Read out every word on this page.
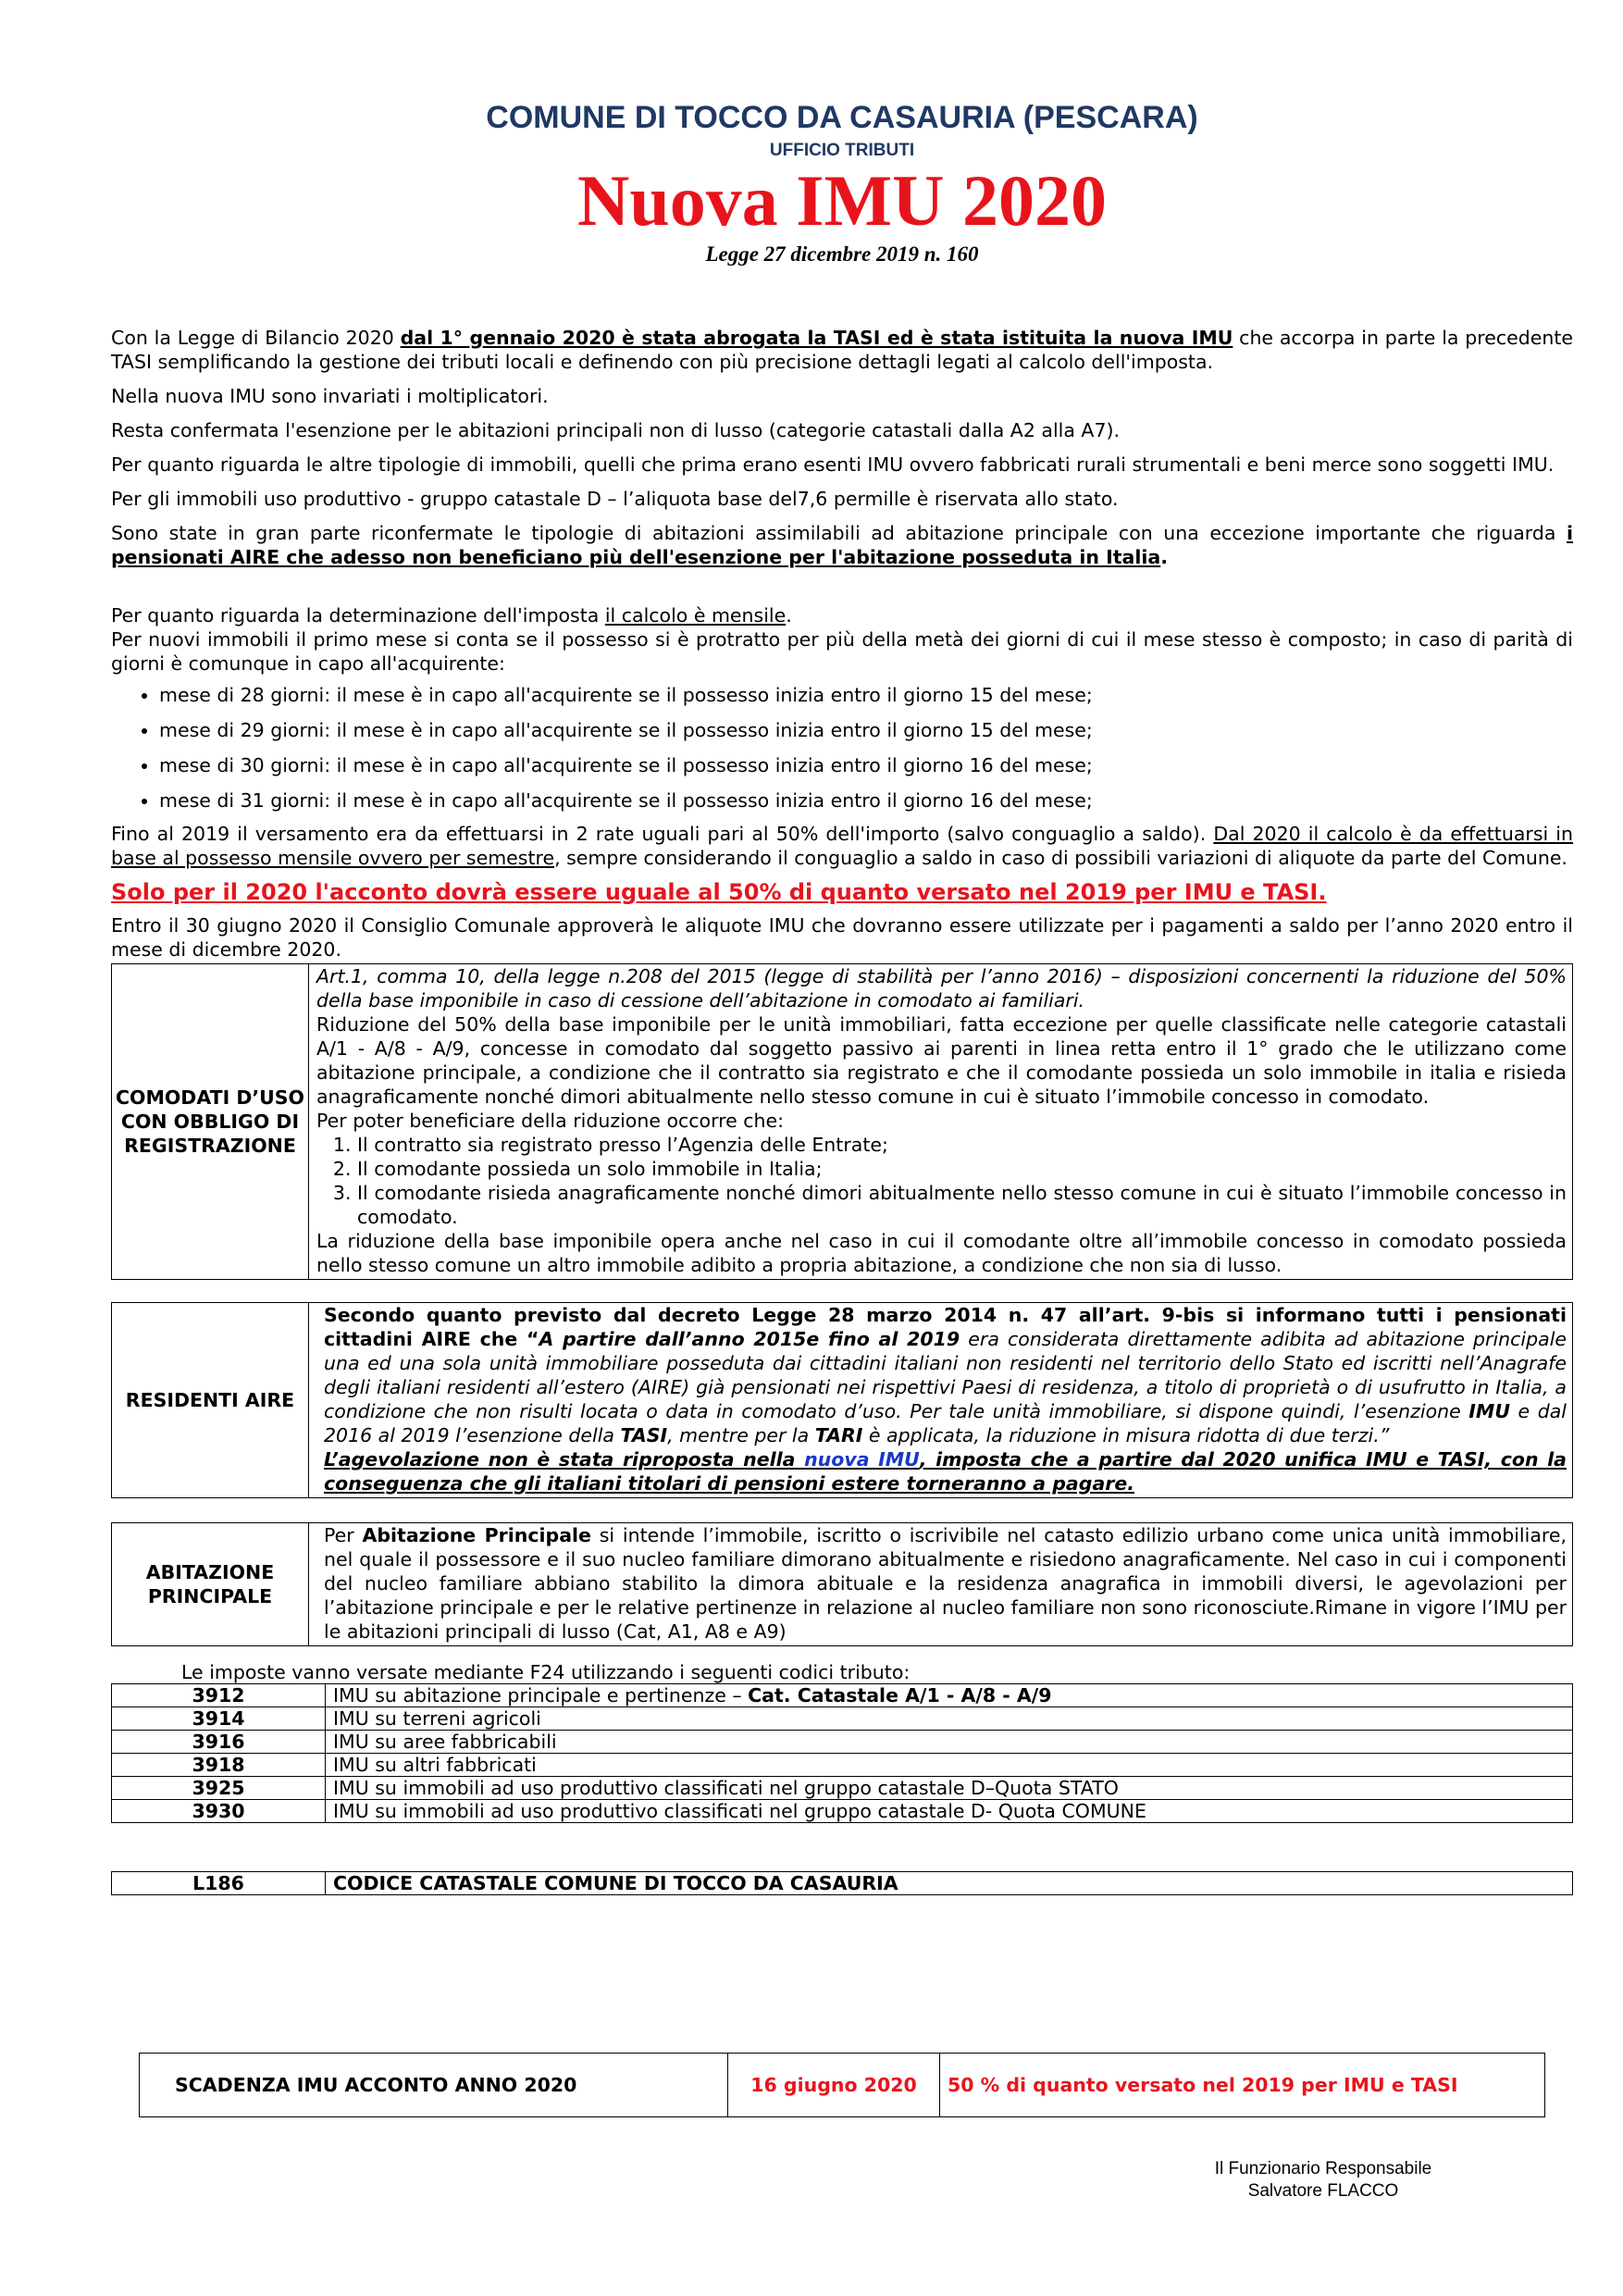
COMUNE DI TOCCO DA CASAURIA (PESCARA)
UFFICIO TRIBUTI
Nuova IMU 2020
Legge 27 dicembre 2019 n. 160

Con la Legge di Bilancio 2020 dal 1° gennaio 2020 è stata abrogata la TASI ed è stata istituita la nuova IMU che accorpa in parte la precedente TASI semplificando la gestione dei tributi locali e definendo con più precisione dettagli legati al calcolo dell'imposta.

Nella nuova IMU sono invariati i moltiplicatori.

Resta confermata l'esenzione per le abitazioni principali non di lusso (categorie catastali dalla A2 alla A7).

Per quanto riguarda le altre tipologie di immobili, quelli che prima erano esenti IMU ovvero fabbricati rurali strumentali e beni merce sono soggetti IMU.

Per gli immobili uso produttivo - gruppo catastale D – l’aliquota base del7,6 permille è riservata allo stato.

Sono state in gran parte riconfermate le tipologie di abitazioni assimilabili ad abitazione principale con una eccezione importante che riguarda i pensionati AIRE che adesso non beneficiano più dell'esenzione per l'abitazione posseduta in Italia.

Per quanto riguarda la determinazione dell'imposta il calcolo è mensile.

Per nuovi immobili il primo mese si conta se il possesso si è protratto per più della metà dei giorni di cui il mese stesso è composto; in caso di parità di giorni è comunque in capo all'acquirente:

• mese di 28 giorni: il mese è in capo all'acquirente se il possesso inizia entro il giorno 15 del mese;
• mese di 29 giorni: il mese è in capo all'acquirente se il possesso inizia entro il giorno 15 del mese;
• mese di 30 giorni: il mese è in capo all'acquirente se il possesso inizia entro il giorno 16 del mese;
• mese di 31 giorni: il mese è in capo all'acquirente se il possesso inizia entro il giorno 16 del mese;

Fino al 2019 il versamento era da effettuarsi in 2 rate uguali pari al 50% dell'importo (salvo conguaglio a saldo). Dal 2020 il calcolo è da effettuarsi in base al possesso mensile ovvero per semestre, sempre considerando il conguaglio a saldo in caso di possibili variazioni di aliquote da parte del Comune.

Solo per il 2020 l'acconto dovrà essere uguale al 50% di quanto versato nel 2019 per IMU e TASI.

Entro il 30 giugno 2020 il Consiglio Comunale approverà le aliquote IMU che dovranno essere utilizzate per i pagamenti a saldo per l’anno 2020 entro il mese di dicembre 2020.

COMODATI D’USO CON OBBLIGO DI REGISTRAZIONE	
Art.1, comma 10, della legge n.208 del 2015 (legge di stabilità per l’anno 2016) – disposizioni concernenti la riduzione del 50% della base imponibile in caso di cessione dell’abitazione in comodato ai familiari.
Riduzione del 50% della base imponibile per le unità immobiliari, fatta eccezione per quelle classificate nelle categorie catastali A/1 - A/8 - A/9, concesse in comodato dal soggetto passivo ai parenti in linea retta entro il 1° grado che le utilizzano come abitazione principale, a condizione che il contratto sia registrato e che il comodante possieda un solo immobile in italia e risieda anagraficamente nonché dimori abitualmente nello stesso comune in cui è situato l’immobile concesso in comodato.
Per poter beneficiare della riduzione occorre che:
1. Il contratto sia registrato presso l’Agenzia delle Entrate;
2. Il comodante possieda un solo immobile in Italia;
3. Il comodante risieda anagraficamente nonché dimori abitualmente nello stesso comune in cui è situato l’immobile concesso in comodato.
La riduzione della base imponibile opera anche nel caso in cui il comodante oltre all’immobile concesso in comodato possieda nello stesso comune un altro immobile adibito a propria abitazione, a condizione che non sia di lusso.
RESIDENTI AIRE	
Secondo quanto previsto dal decreto Legge 28 marzo 2014 n. 47 all’art. 9-bis si informano tutti i pensionati cittadini AIRE che “A partire dall’anno 2015e fino al 2019 era considerata direttamente adibita ad abitazione principale una ed una sola unità immobiliare posseduta dai cittadini italiani non residenti nel territorio dello Stato ed iscritti nell’Anagrafe degli italiani residenti all’estero (AIRE) già pensionati nei rispettivi Paesi di residenza, a titolo di proprietà o di usufrutto in Italia, a condizione che non risulti locata o data in comodato d’uso. Per tale unità immobiliare, si dispone quindi, l’esenzione IMU e dal 2016 al 2019 l’esenzione della TASI, mentre per la TARI è applicata, la riduzione in misura ridotta di due terzi.”
L’agevolazione non è stata riproposta nella nuova IMU, imposta che a partire dal 2020 unifica IMU e TASI, con la conseguenza che gli italiani titolari di pensioni estere torneranno a pagare.
ABITAZIONE PRINCIPALE	Per Abitazione Principale si intende l’immobile, iscritto o iscrivibile nel catasto edilizio urbano come unica unità immobiliare, nel quale il possessore e il suo nucleo familiare dimorano abitualmente e risiedono anagraficamente. Nel caso in cui i componenti del nucleo familiare abbiano stabilito la dimora abituale e la residenza anagrafica in immobili diversi, le agevolazioni per l’abitazione principale e per le relative pertinenze in relazione al nucleo familiare non sono riconosciute.Rimane in vigore l’IMU per le abitazioni principali di lusso (Cat, A1, A8 e A9)
Le imposte vanno versate mediante F24 utilizzando i seguenti codici tributo:
3912	IMU su abitazione principale e pertinenze – Cat. Catastale A/1 - A/8 - A/9
3914	IMU su terreni agricoli
3916	IMU su aree fabbricabili
3918	IMU su altri fabbricati
3925	IMU su immobili ad uso produttivo classificati nel gruppo catastale D–Quota STATO
3930	IMU su immobili ad uso produttivo classificati nel gruppo catastale D- Quota COMUNE
L186	CODICE CATASTALE COMUNE DI TOCCO DA CASAURIA
SCADENZA IMU ACCONTO ANNO 2020	16 giugno 2020	50 % di quanto versato nel 2019 per IMU e TASI
Il Funzionario Responsabile
Salvatore FLACCO
